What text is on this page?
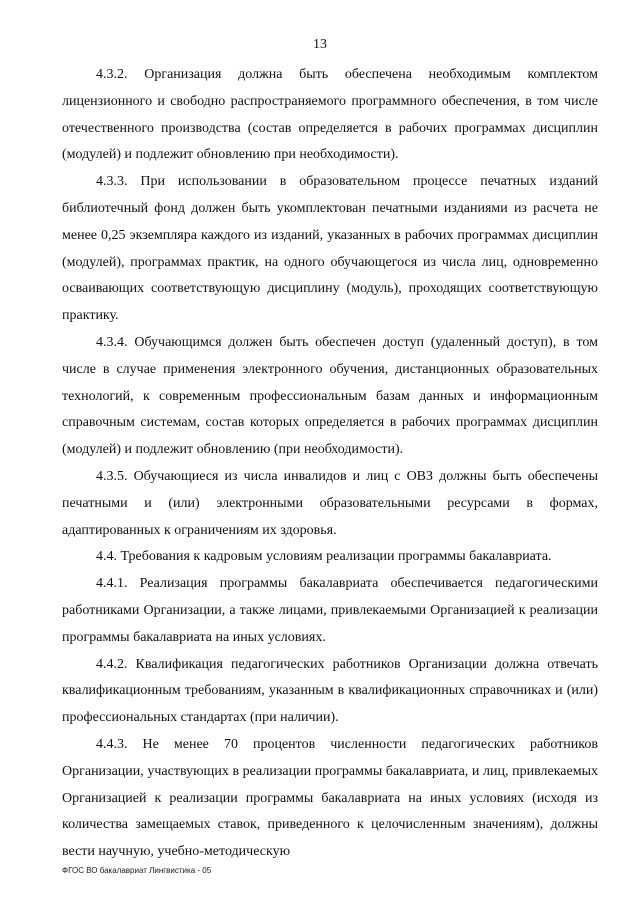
13

4.3.2. Организация должна быть обеспечена необходимым комплектом лицензионного и свободно распространяемого программного обеспечения, в том числе отечественного производства (состав определяется в рабочих программах дисциплин (модулей) и подлежит обновлению при необходимости).

4.3.3. При использовании в образовательном процессе печатных изданий библиотечный фонд должен быть укомплектован печатными изданиями из расчета не менее 0,25 экземпляра каждого из изданий, указанных в рабочих программах дисциплин (модулей), программах практик, на одного обучающегося из числа лиц, одновременно осваивающих соответствующую дисциплину (модуль), проходящих соответствующую практику.

4.3.4. Обучающимся должен быть обеспечен доступ (удаленный доступ), в том числе в случае применения электронного обучения, дистанционных образовательных технологий, к современным профессиональным базам данных и информационным справочным системам, состав которых определяется в рабочих программах дисциплин (модулей) и подлежит обновлению (при необходимости).

4.3.5. Обучающиеся из числа инвалидов и лиц с ОВЗ должны быть обеспечены печатными и (или) электронными образовательными ресурсами в формах, адаптированных к ограничениям их здоровья.

4.4. Требования к кадровым условиям реализации программы бакалавриата.

4.4.1. Реализация программы бакалавриата обеспечивается педагогическими работниками Организации, а также лицами, привлекаемыми Организацией к реализации программы бакалавриата на иных условиях.

4.4.2. Квалификация педагогических работников Организации должна отвечать квалификационным требованиям, указанным в квалификационных справочниках и (или) профессиональных стандартах (при наличии).

4.4.3. Не менее 70 процентов численности педагогических работников Организации, участвующих в реализации программы бакалавриата, и лиц, привлекаемых Организацией к реализации программы бакалавриата на иных условиях (исходя из количества замещаемых ставок, приведенного к целочисленным значениям), должны вести научную, учебно-методическую

ФГОС ВО бакалавриат Лингвистика - 05
